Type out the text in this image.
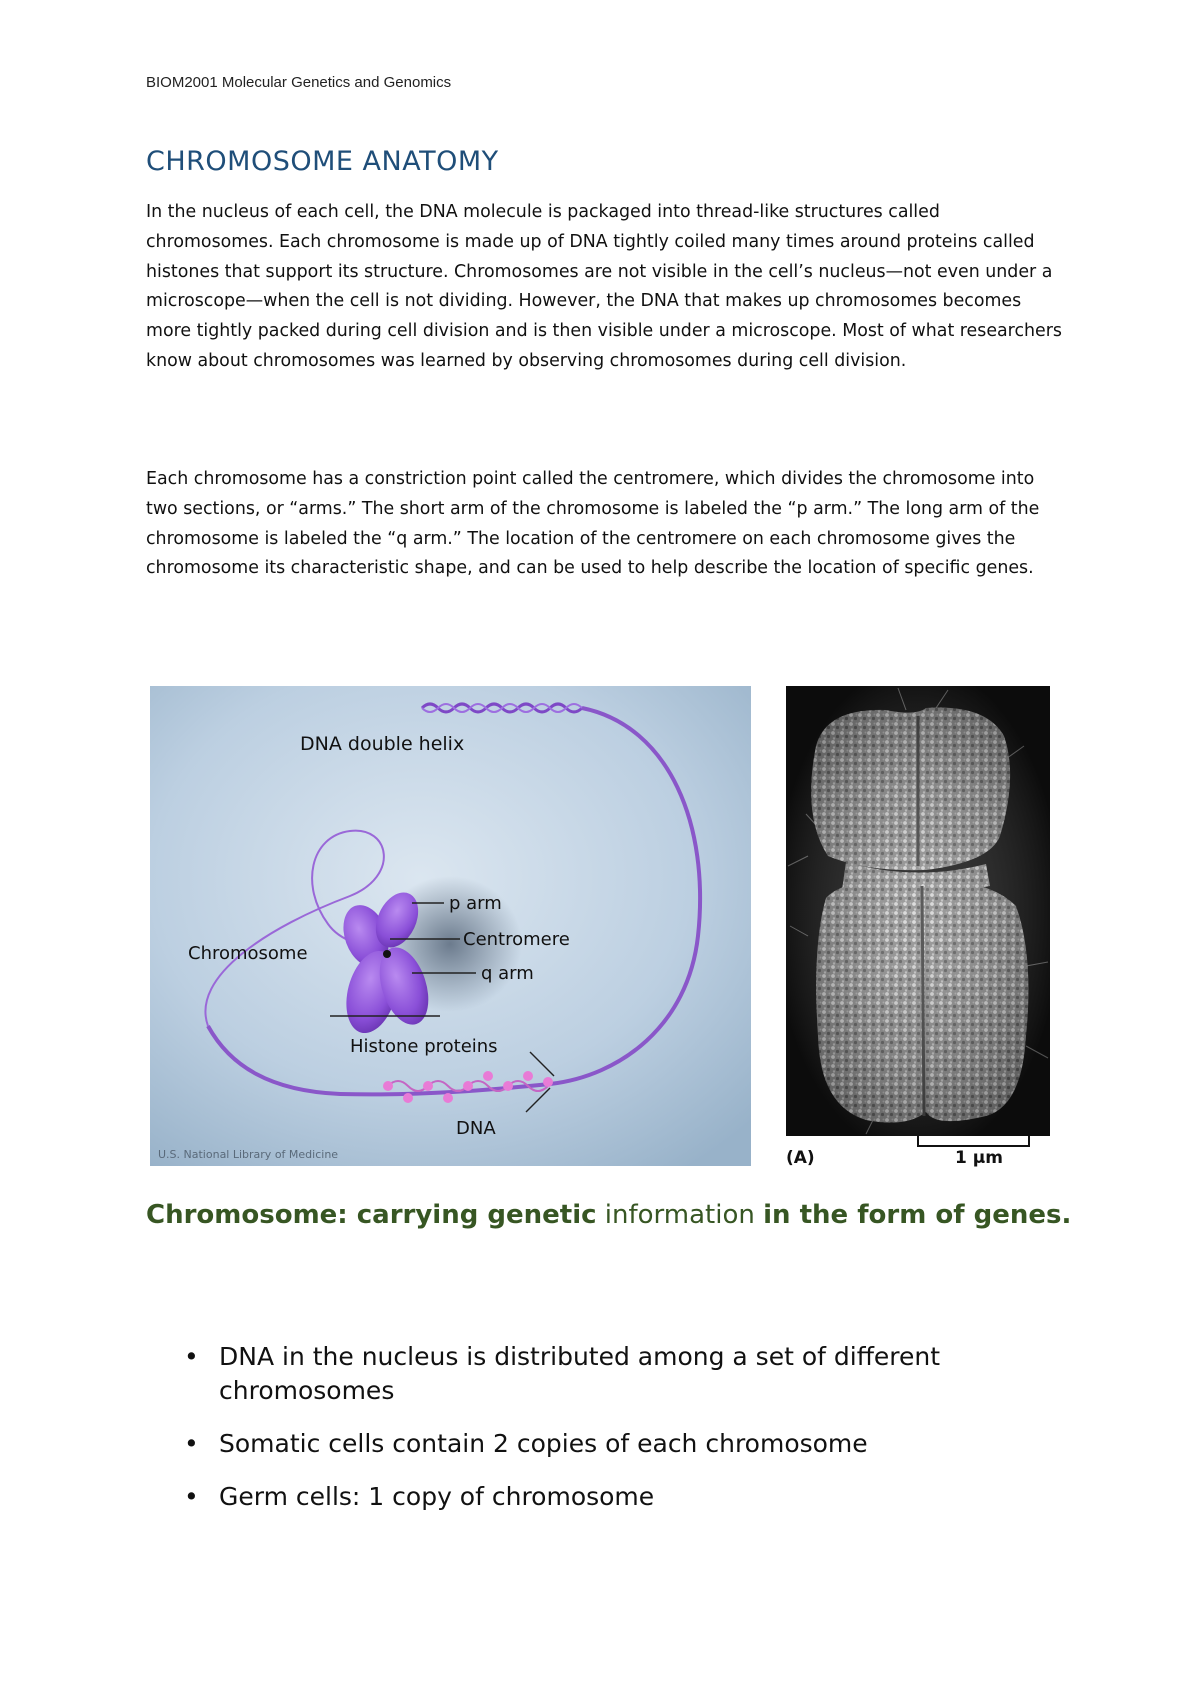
BIOM2001 Molecular Genetics and Genomics
CHROMOSOME ANATOMY

In the nucleus of each cell, the DNA molecule is packaged into thread-like structures called chromosomes. Each chromosome is made up of DNA tightly coiled many times around proteins called histones that support its structure. Chromosomes are not visible in the cell’s nucleus—not even under a microscope—when the cell is not dividing. However, the DNA that makes up chromosomes becomes more tightly packed during cell division and is then visible under a microscope. Most of what researchers know about chromosomes was learned by observing chromosomes during cell division.

Each chromosome has a constriction point called the centromere, which divides the chromosome into two sections, or “arms.” The short arm of the chromosome is labeled the “p arm.” The long arm of the chromosome is labeled the “q arm.” The location of the centromere on each chromosome gives the chromosome its characteristic shape, and can be used to help describe the location of specific genes.

DNA double helix
p arm
Centromere
Chromosome
q arm
Histone proteins
DNA
U.S. National Library of Medicine	(A)	1 µm

Chromosome: carrying genetic information in the form of genes.

• DNA in the nucleus is distributed among a set of different chromosomes
• Somatic cells contain 2 copies of each chromosome
• Germ cells: 1 copy of chromosome
